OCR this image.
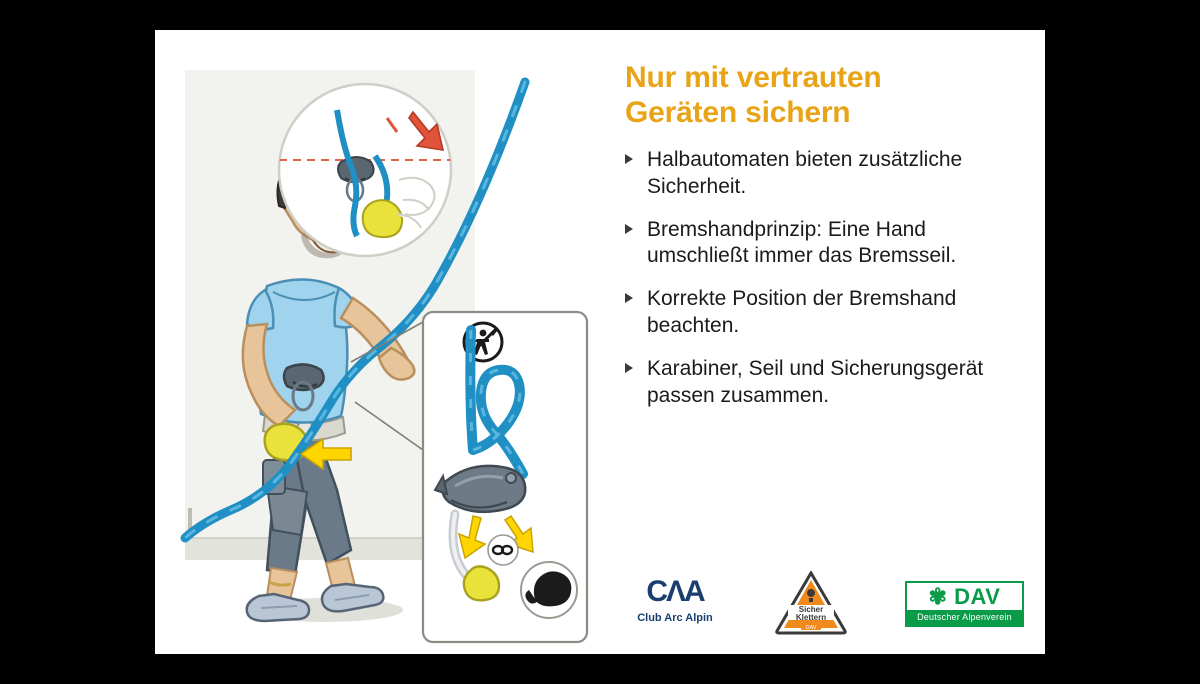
Nur mit vertrauten
Geräten sichern
Halbautomaten bieten zusätzliche Sicherheit.
Bremshandprinzip: Eine Hand umschließt immer das Bremsseil.
Korrekte Position der Bremshand beachten.
Karabiner, Seil und Sicherungsgerät passen zusammen.
CΛA
Club Arc Alpin
Sicher
Klettern
DAV
✾ DAV
Deutscher Alpenverein
